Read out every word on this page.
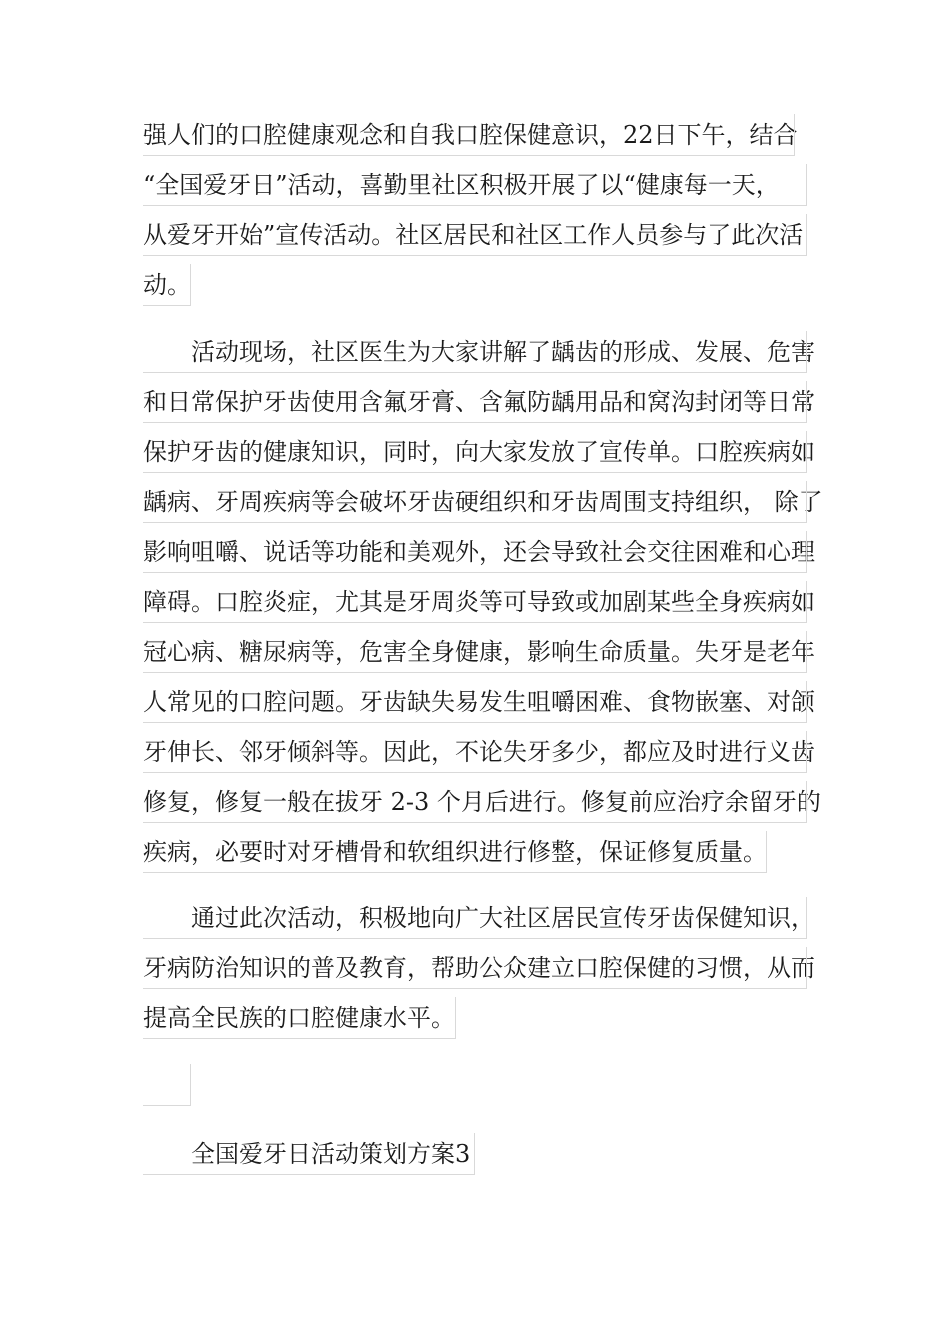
强人们的口腔健康观念和自我口腔保健意识，22日下午，结合
“全国爱牙日”活动，喜勤里社区积极开展了以“健康每一天，
从爱牙开始”宣传活动。社区居民和社区工作人员参与了此次活
动。
活动现场，社区医生为大家讲解了龋齿的形成、发展、危害
和日常保护牙齿使用含氟牙膏、含氟防龋用品和窝沟封闭等日常
保护牙齿的健康知识，同时，向大家发放了宣传单。口腔疾病如
龋病、牙周疾病等会破坏牙齿硬组织和牙齿周围支持组织， 除了
影响咀嚼、说话等功能和美观外，还会导致社会交往困难和心理
障碍。口腔炎症，尤其是牙周炎等可导致或加剧某些全身疾病如
冠心病、糖尿病等，危害全身健康，影响生命质量。失牙是老年
人常见的口腔问题。牙齿缺失易发生咀嚼困难、食物嵌塞、对颌
牙伸长、邻牙倾斜等。因此，不论失牙多少，都应及时进行义齿
修复，修复一般在拔牙 2-3 个月后进行。修复前应治疗余留牙的
疾病，必要时对牙槽骨和软组织进行修整，保证修复质量。
通过此次活动，积极地向广大社区居民宣传牙齿保健知识，
牙病防治知识的普及教育，帮助公众建立口腔保健的习惯，从而
提高全民族的口腔健康水平。
全国爱牙日活动策划方案3
